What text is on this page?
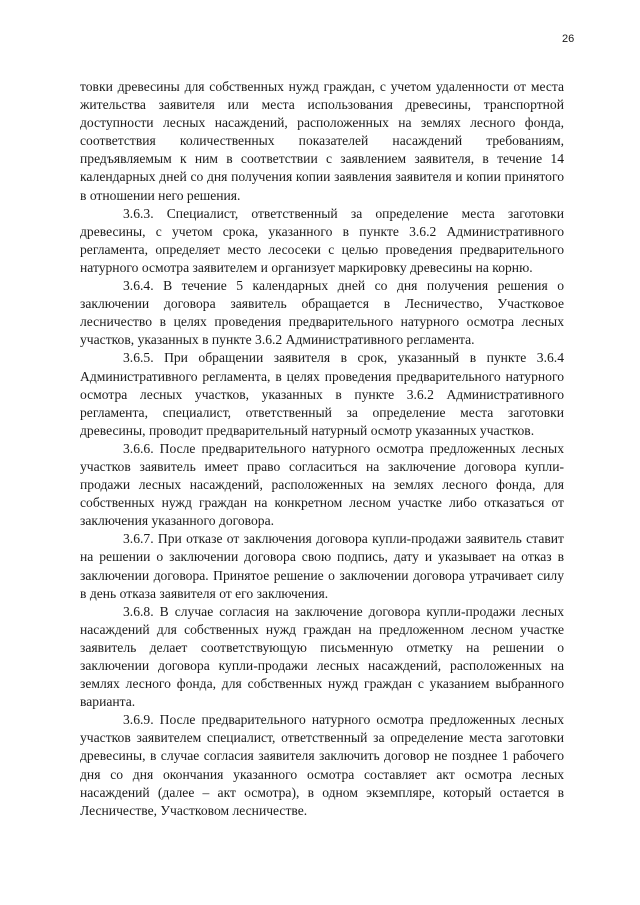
26

товки древесины для собственных нужд граждан, с учетом удаленности от места жительства заявителя или места использования древесины, транспортной доступности лесных насаждений, расположенных на землях лесного фонда, соответствия количественных показателей насаждений требованиям, предъявляемым к ним в соответствии с заявлением заявителя, в течение 14 календарных дней со дня получения копии заявления заявителя и копии принятого в отношении него решения.

3.6.3. Специалист, ответственный за определение места заготовки древесины, с учетом срока, указанного в пункте 3.6.2 Административного регламента, определяет место лесосеки с целью проведения предварительного натурного осмотра заявителем и организует маркировку древесины на корню.

3.6.4. В течение 5 календарных дней со дня получения решения о заключении договора заявитель обращается в Лесничество, Участковое лесничество в целях проведения предварительного натурного осмотра лесных участков, указанных в пункте 3.6.2 Административного регламента.

3.6.5. При обращении заявителя в срок, указанный в пункте 3.6.4 Административного регламента, в целях проведения предварительного натурного осмотра лесных участков, указанных в пункте 3.6.2 Административного регламента, специалист, ответственный за определение места заготовки древесины, проводит предварительный натурный осмотр указанных участков.

3.6.6. После предварительного натурного осмотра предложенных лесных участков заявитель имеет право согласиться на заключение договора купли-продажи лесных насаждений, расположенных на землях лесного фонда, для собственных нужд граждан на конкретном лесном участке либо отказаться от заключения указанного договора.

3.6.7. При отказе от заключения договора купли-продажи заявитель ставит на решении о заключении договора свою подпись, дату и указывает на отказ в заключении договора. Принятое решение о заключении договора утрачивает силу в день отказа заявителя от его заключения.

3.6.8. В случае согласия на заключение договора купли-продажи лесных насаждений для собственных нужд граждан на предложенном лесном участке заявитель делает соответствующую письменную отметку на решении о заключении договора купли-продажи лесных насаждений, расположенных на землях лесного фонда, для собственных нужд граждан с указанием выбранного варианта.

3.6.9. После предварительного натурного осмотра предложенных лесных участков заявителем специалист, ответственный за определение места заготовки древесины, в случае согласия заявителя заключить договор не позднее 1 рабочего дня со дня окончания указанного осмотра составляет акт осмотра лесных насаждений (далее – акт осмотра), в одном экземпляре, который остается в Лесничестве, Участковом лесничестве.
